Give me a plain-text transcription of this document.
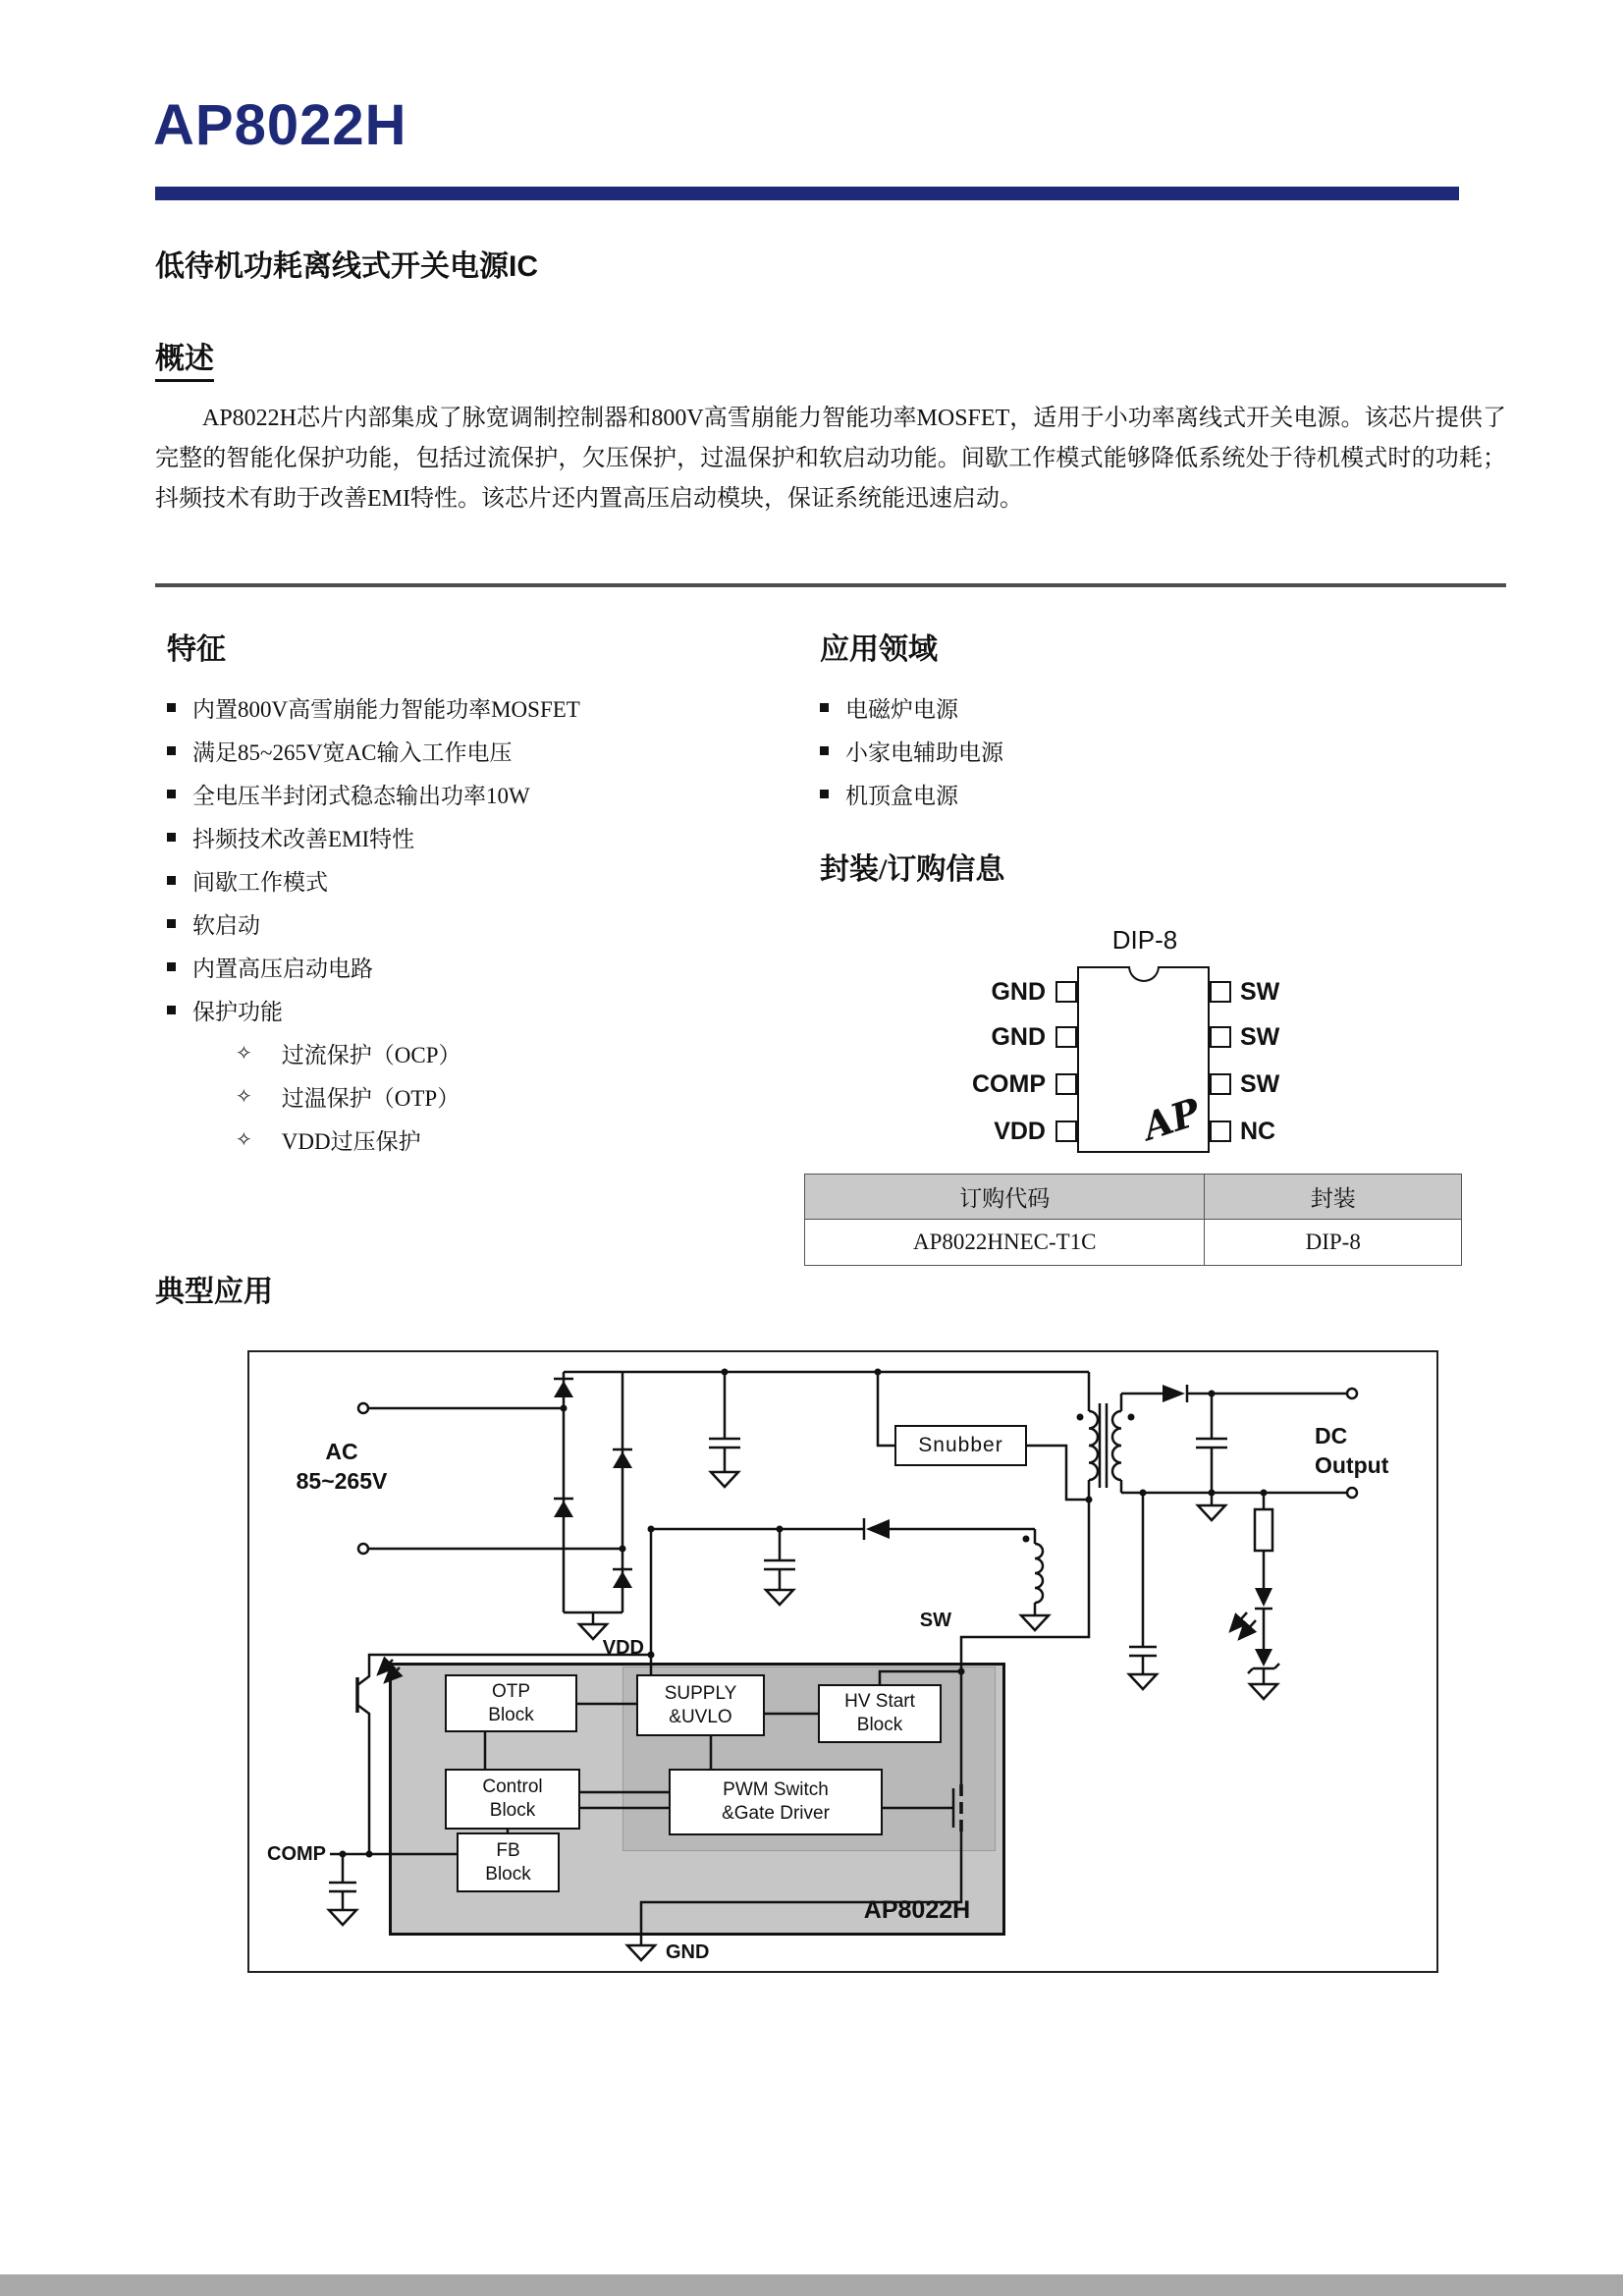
AP8022H
低待机功耗离线式开关电源IC
概述

AP8022H芯片内部集成了脉宽调制控制器和800V高雪崩能力智能功率MOSFET，适用于小功率离线式开关电源。该芯片提供了完整的智能化保护功能，包括过流保护，欠压保护，过温保护和软启动功能。间歇工作模式能够降低系统处于待机模式时的功耗；抖频技术有助于改善EMI特性。该芯片还内置高压启动模块，保证系统能迅速启动。

特征
内置800V高雪崩能力智能功率MOSFET
满足85~265V宽AC输入工作电压
全电压半封闭式稳态输出功率10W
抖频技术改善EMI特性
间歇工作模式
软启动
内置高压启动电路
保护功能
✧ 过流保护（OCP）
✧ 过温保护（OTP）
✧ VDD过压保护
应用领域
电磁炉电源
小家电辅助电源
机顶盒电源
封装/订购信息
DIP-8
AP
GND
GND
COMP
VDD
SW
SW
SW
NC
订购代码	封装
AP8022HNEC-T1C	DIP-8
典型应用
AC
85~265V
DC
Output
Snubber
VDD
SW
COMP
GND
AP8022H
OTP Block
SUPPLY &UVLO
HV Start Block
Control Block
PWM Switch &Gate Driver
FB Block
